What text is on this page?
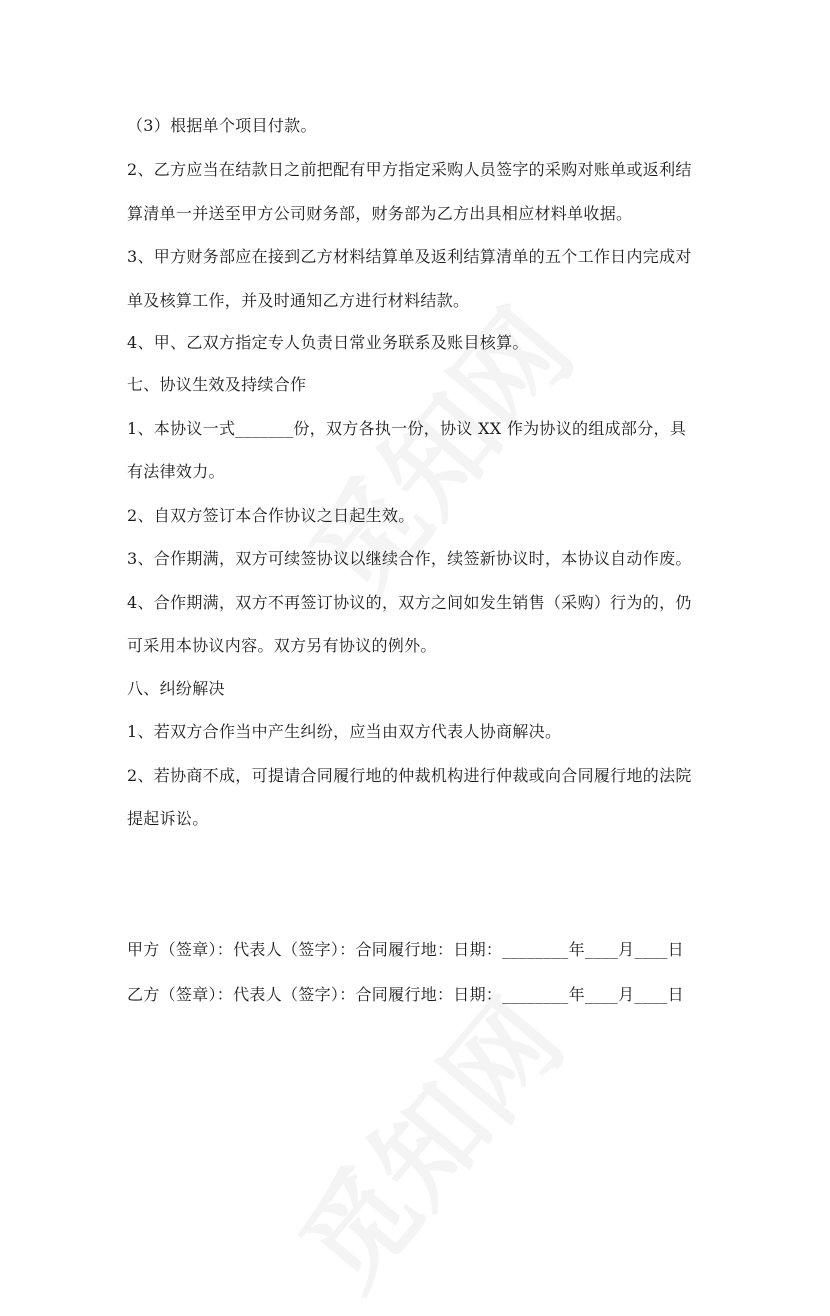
（3）根据单个项目付款。
2、乙方应当在结款日之前把配有甲方指定采购人员签字的采购对账单或返利结
算清单一并送至甲方公司财务部，财务部为乙方出具相应材料单收据。
3、甲方财务部应在接到乙方材料结算单及返利结算清单的五个工作日内完成对
单及核算工作，并及时通知乙方进行材料结款。
4、甲、乙双方指定专人负责日常业务联系及账目核算。
七、协议生效及持续合作
1、本协议一式_______份，双方各执一份，协议 XX 作为协议的组成部分，具
有法律效力。
2、自双方签订本合作协议之日起生效。
3、合作期满，双方可续签协议以继续合作，续签新协议时，本协议自动作废。
4、合作期满，双方不再签订协议的，双方之间如发生销售（采购）行为的，仍
可采用本协议内容。双方另有协议的例外。
八、纠纷解决
1、若双方合作当中产生纠纷，应当由双方代表人协商解决。
2、若协商不成，可提请合同履行地的仲裁机构进行仲裁或向合同履行地的法院
提起诉讼。
甲方（签章）：代表人（签字）：合同履行地：日期：________年____月____日
乙方（签章）：代表人（签字）：合同履行地：日期：________年____月____日
